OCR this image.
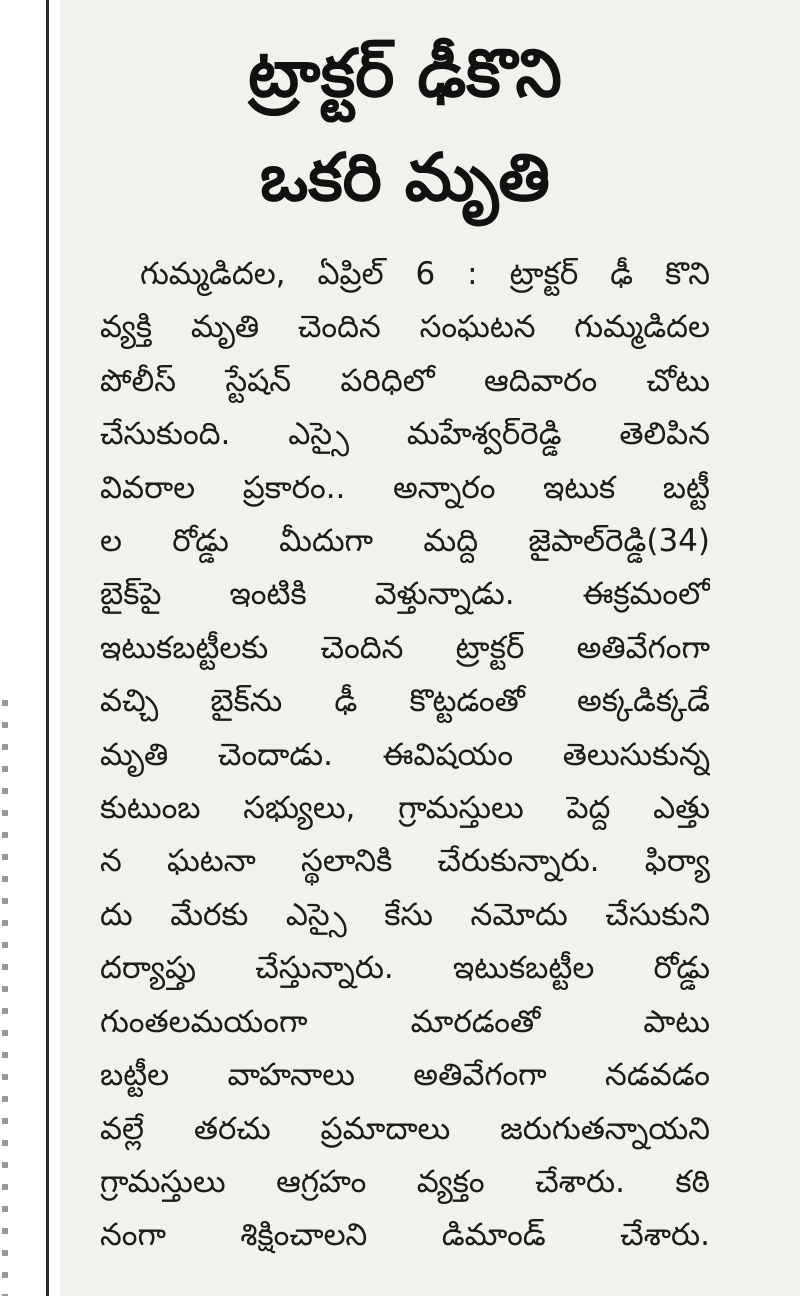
ట్రాక్టర్ ఢీకొని
ఒకరి మృతి
గుమ్మడిదల, ఏప్రిల్ 6 : ట్రాక్టర్ ఢీ కొని
వ్యక్తి మృతి చెందిన సంఘటన గుమ్మడిదల
పోలీస్ స్టేషన్ పరిధిలో ఆదివారం చోటు
చేసుకుంది. ఎస్సై మహేశ్వర్‌రెడ్డి తెలిపిన
వివరాల ప్రకారం.. అన్నారం ఇటుక బట్టీ
ల రోడ్డు మీదుగా మద్ది జైపాల్‌రెడ్డి(34)
బైక్‌పై ఇంటికి వెళ్తున్నాడు. ఈక్రమంలో
ఇటుకబట్టీలకు చెందిన ట్రాక్టర్ అతివేగంగా
వచ్చి బైక్‌ను ఢీ కొట్టడంతో అక్కడిక్కడే
మృతి చెందాడు. ఈవిషయం తెలుసుకున్న
కుటుంబ సభ్యులు, గ్రామస్తులు పెద్ద ఎత్తు
న ఘటనా స్థలానికి చేరుకున్నారు. ఫిర్యా
దు మేరకు ఎస్సై కేసు నమోదు చేసుకుని
దర్యాప్తు చేస్తున్నారు. ఇటుకబట్టీల రోడ్డు
గుంతలమయంగా మారడంతో పాటు
బట్టీల వాహనాలు అతివేగంగా నడవడం
వల్లే తరచు ప్రమాదాలు జరుగుతన్నాయని
గ్రామస్తులు ఆగ్రహం వ్యక్తం చేశారు. కఠి
నంగా శిక్షించాలని డిమాండ్ చేశారు.
